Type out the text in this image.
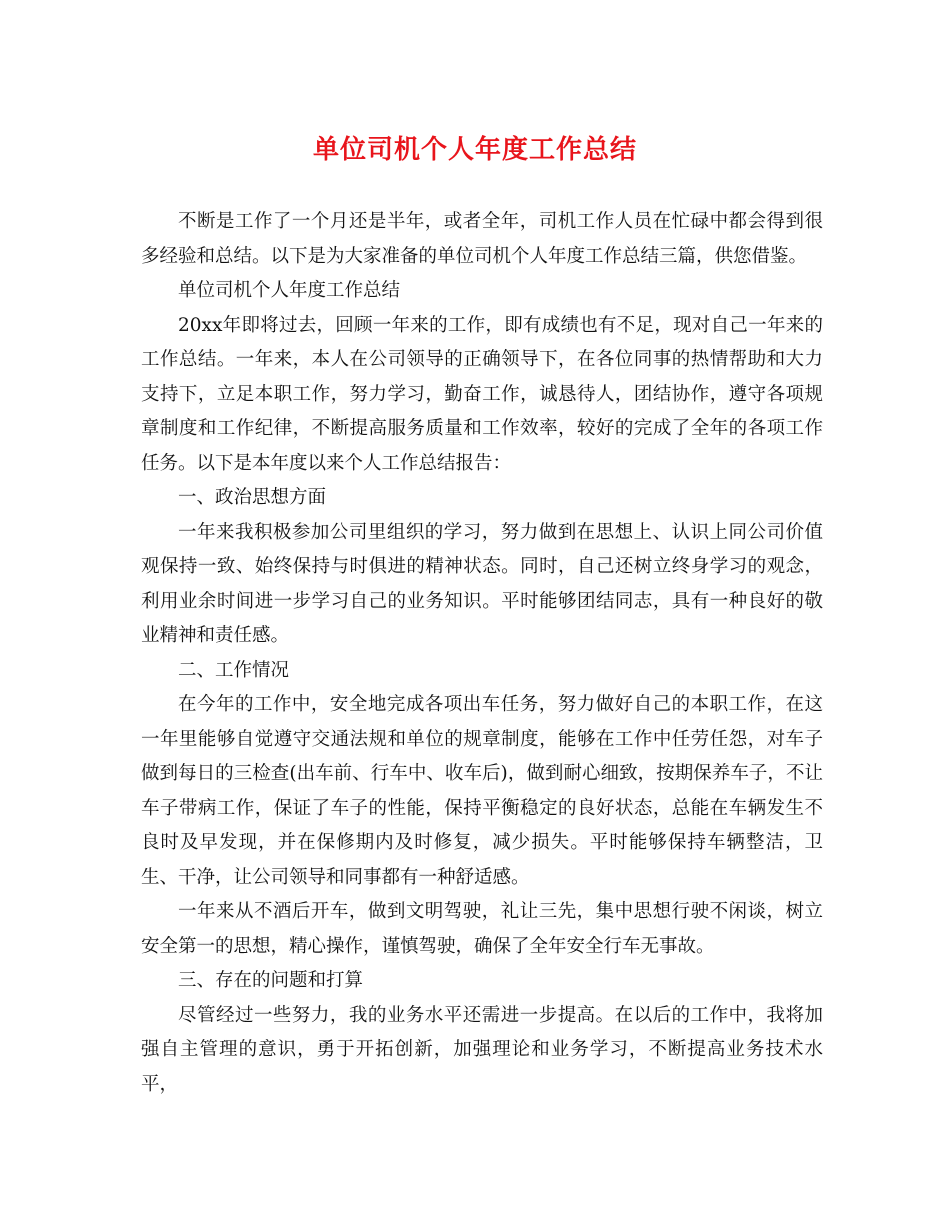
单位司机个人年度工作总结

不断是工作了一个月还是半年，或者全年，司机工作人员在忙碌中都会得到很多经验和总结。以下是为大家准备的单位司机个人年度工作总结三篇，供您借鉴。

单位司机个人年度工作总结

20xx年即将过去，回顾一年来的工作，即有成绩也有不足，现对自己一年来的工作总结。一年来，本人在公司领导的正确领导下，在各位同事的热情帮助和大力支持下，立足本职工作，努力学习，勤奋工作，诚恳待人，团结协作，遵守各项规章制度和工作纪律，不断提高服务质量和工作效率，较好的完成了全年的各项工作任务。以下是本年度以来个人工作总结报告：

一、政治思想方面

一年来我积极参加公司里组织的学习，努力做到在思想上、认识上同公司价值观保持一致、始终保持与时俱进的精神状态。同时，自己还树立终身学习的观念，利用业余时间进一步学习自己的业务知识。平时能够团结同志，具有一种良好的敬业精神和责任感。

二、工作情况

在今年的工作中，安全地完成各项出车任务，努力做好自己的本职工作，在这一年里能够自觉遵守交通法规和单位的规章制度，能够在工作中任劳任怨，对车子做到每日的三检查(出车前、行车中、收车后)，做到耐心细致，按期保养车子，不让车子带病工作，保证了车子的性能，保持平衡稳定的良好状态，总能在车辆发生不良时及早发现，并在保修期内及时修复，减少损失。平时能够保持车辆整洁，卫生、干净，让公司领导和同事都有一种舒适感。

一年来从不酒后开车，做到文明驾驶，礼让三先，集中思想行驶不闲谈，树立安全第一的思想，精心操作，谨慎驾驶，确保了全年安全行车无事故。

三、存在的问题和打算

尽管经过一些努力，我的业务水平还需进一步提高。在以后的工作中，我将加强自主管理的意识，勇于开拓创新，加强理论和业务学习，不断提高业务技术水平，
